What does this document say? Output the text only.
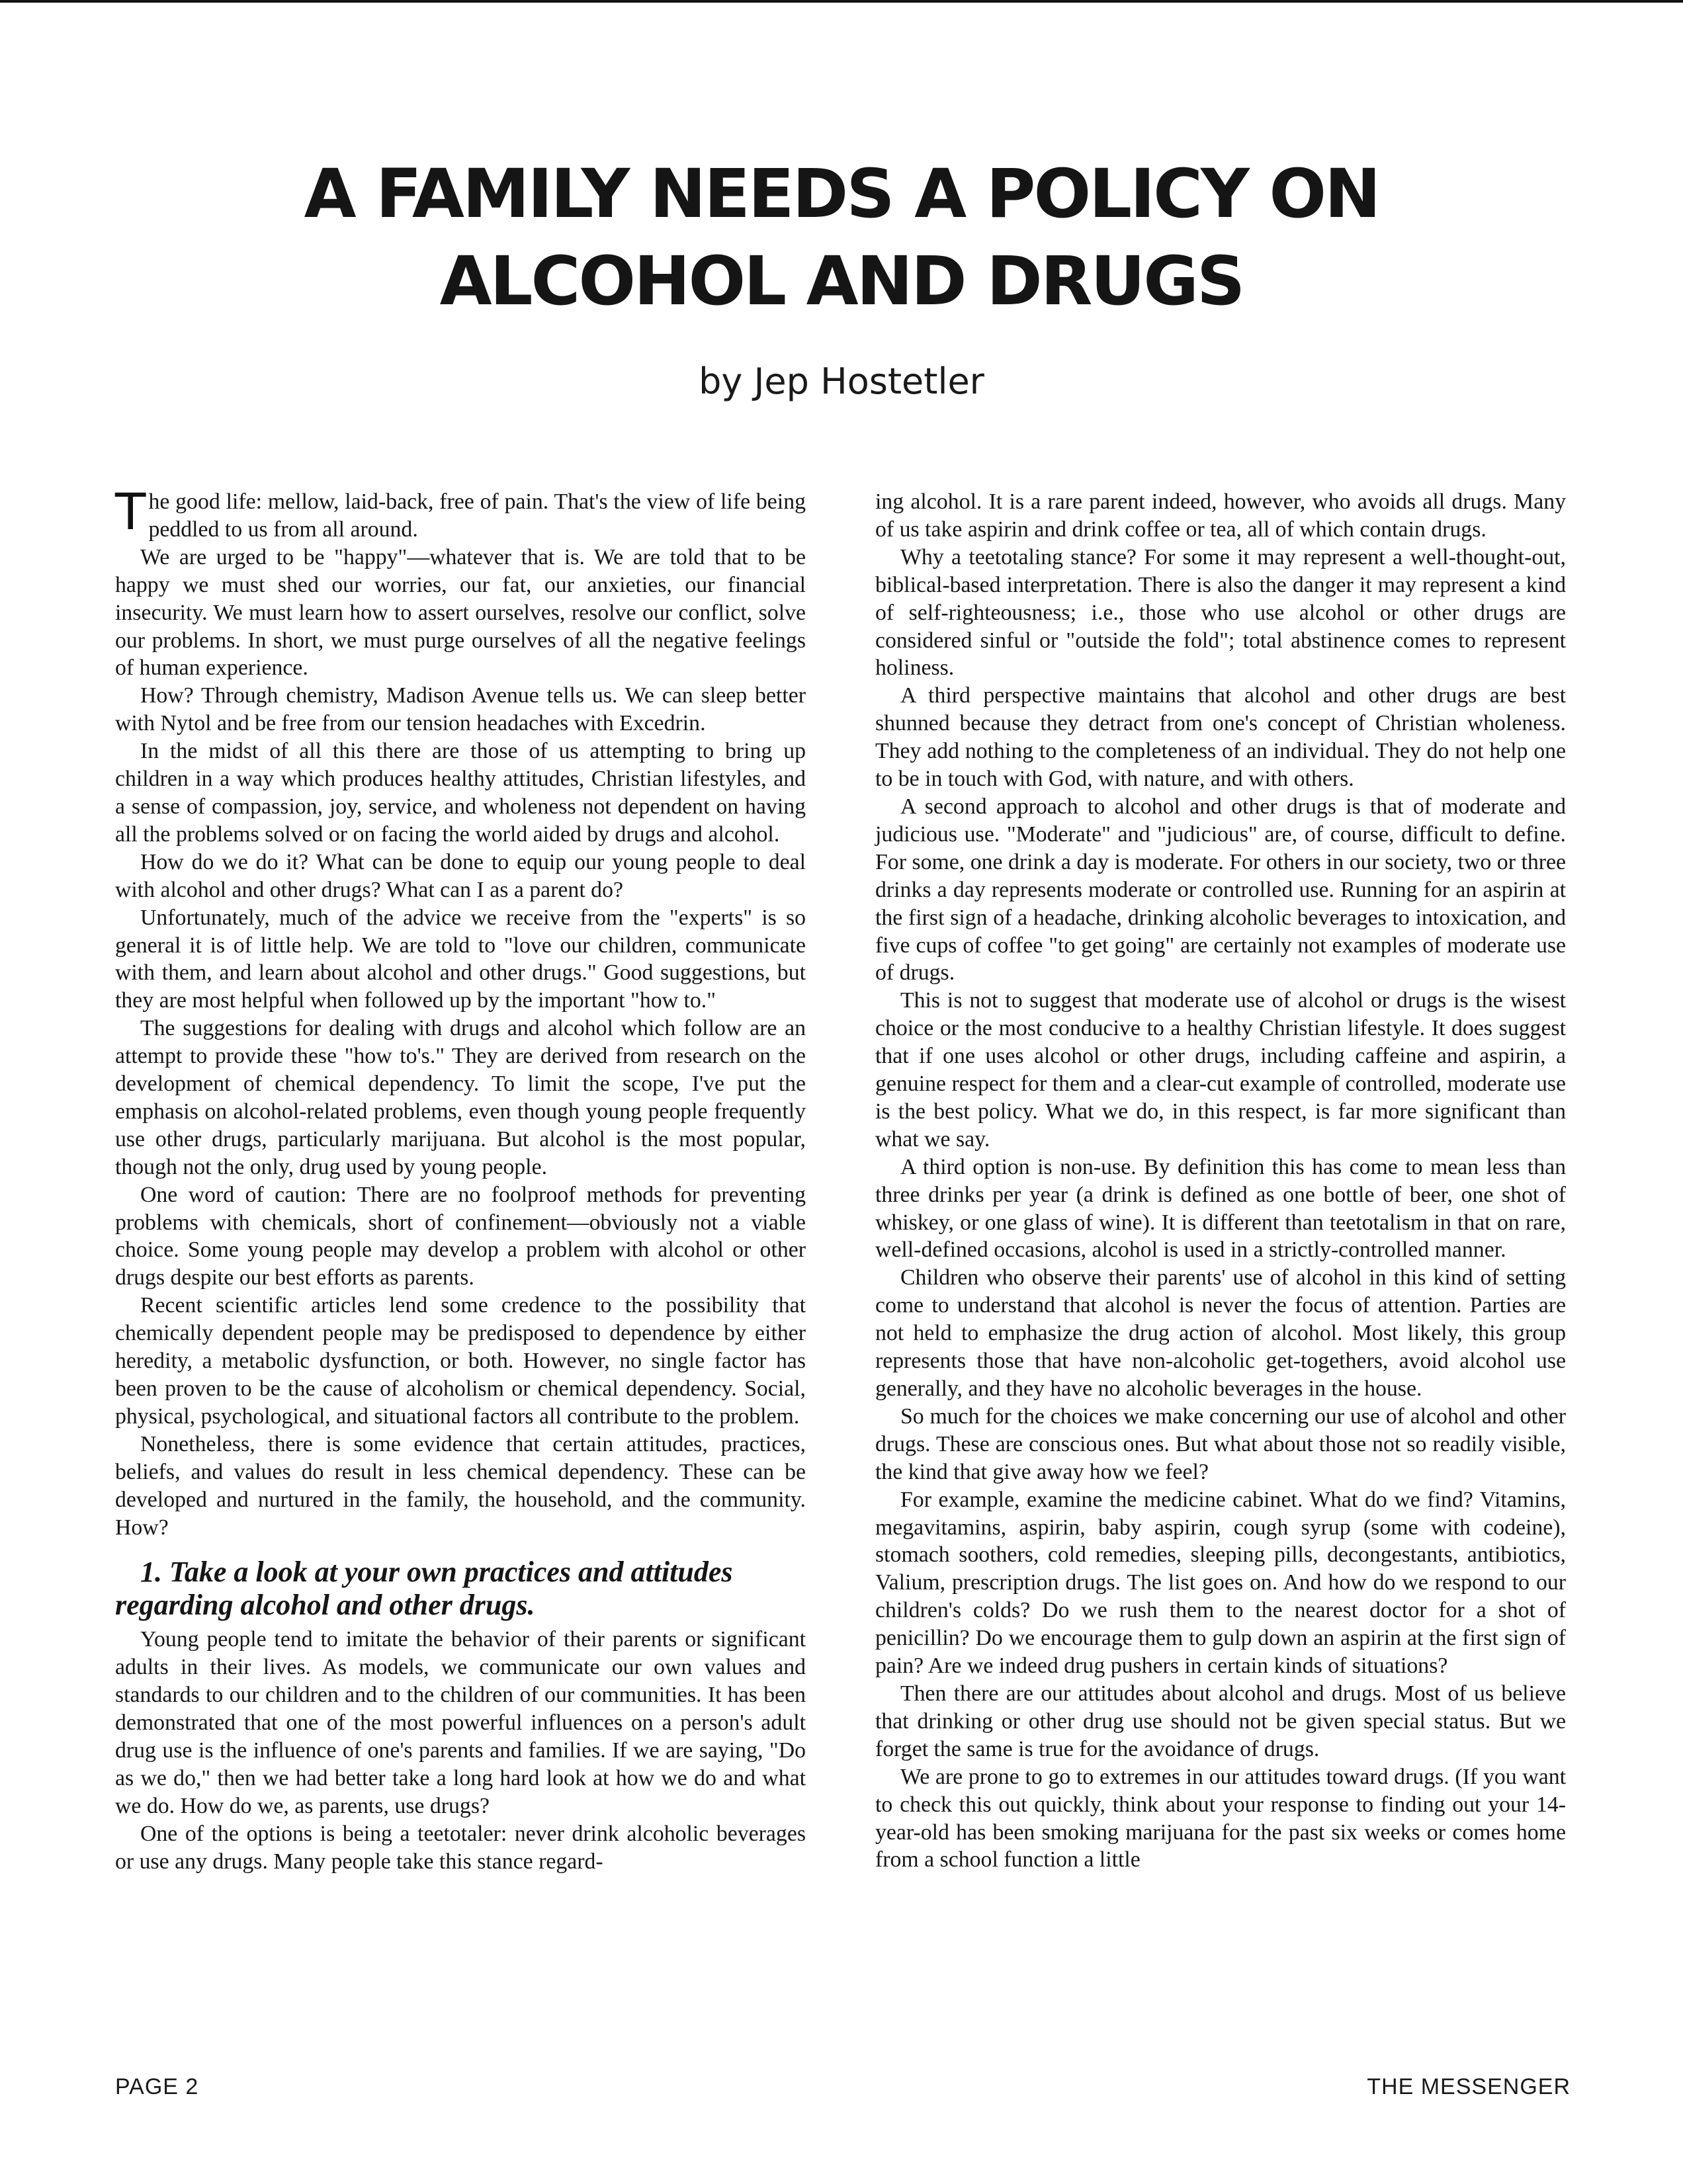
A FAMILY NEEDS A POLICY ON
ALCOHOL AND DRUGS
by Jep Hostetler

The good life: mellow, laid-back, free of pain. That's the view of life being peddled to us from all around.

We are urged to be "happy"—whatever that is. We are told that to be happy we must shed our worries, our fat, our anxieties, our financial insecurity. We must learn how to assert ourselves, resolve our conflict, solve our problems. In short, we must purge ourselves of all the negative feelings of human experience.

How? Through chemistry, Madison Avenue tells us. We can sleep better with Nytol and be free from our tension headaches with Excedrin.

In the midst of all this there are those of us attempting to bring up children in a way which produces healthy attitudes, Christian lifestyles, and a sense of compassion, joy, service, and wholeness not dependent on having all the problems solved or on facing the world aided by drugs and alcohol.

How do we do it? What can be done to equip our young people to deal with alcohol and other drugs? What can I as a parent do?

Unfortunately, much of the advice we receive from the "experts" is so general it is of little help. We are told to "love our children, communicate with them, and learn about alcohol and other drugs." Good suggestions, but they are most helpful when followed up by the important "how to."

The suggestions for dealing with drugs and alcohol which follow are an attempt to provide these "how to's." They are derived from research on the development of chemical dependency. To limit the scope, I've put the emphasis on alcohol-related problems, even though young people frequently use other drugs, particularly marijuana. But alcohol is the most popular, though not the only, drug used by young people.

One word of caution: There are no foolproof methods for preventing problems with chemicals, short of confinement—obviously not a viable choice. Some young people may develop a problem with alcohol or other drugs despite our best efforts as parents.

Recent scientific articles lend some credence to the possibility that chemically dependent people may be predisposed to dependence by either heredity, a metabolic dysfunction, or both. However, no single factor has been proven to be the cause of alcoholism or chemical dependency. Social, physical, psychological, and situational factors all contribute to the problem.

Nonetheless, there is some evidence that certain attitudes, practices, beliefs, and values do result in less chemical dependency. These can be developed and nurtured in the family, the household, and the community. How?

1. Take a look at your own practices and attitudes regarding alcohol and other drugs.

Young people tend to imitate the behavior of their parents or significant adults in their lives. As models, we communicate our own values and standards to our children and to the children of our communities. It has been demonstrated that one of the most powerful influences on a person's adult drug use is the influence of one's parents and families. If we are saying, "Do as we do," then we had better take a long hard look at how we do and what we do. How do we, as parents, use drugs?

One of the options is being a teetotaler: never drink alcoholic beverages or use any drugs. Many people take this stance regard-

ing alcohol. It is a rare parent indeed, however, who avoids all drugs. Many of us take aspirin and drink coffee or tea, all of which contain drugs.

Why a teetotaling stance? For some it may represent a well-thought-out, biblical-based interpretation. There is also the danger it may represent a kind of self-righteousness; i.e., those who use alcohol or other drugs are considered sinful or "outside the fold"; total abstinence comes to represent holiness.

A third perspective maintains that alcohol and other drugs are best shunned because they detract from one's concept of Christian wholeness. They add nothing to the completeness of an individual. They do not help one to be in touch with God, with nature, and with others.

A second approach to alcohol and other drugs is that of moderate and judicious use. "Moderate" and "judicious" are, of course, difficult to define. For some, one drink a day is moderate. For others in our society, two or three drinks a day represents moderate or controlled use. Running for an aspirin at the first sign of a headache, drinking alcoholic beverages to intoxication, and five cups of coffee "to get going" are certainly not examples of moderate use of drugs.

This is not to suggest that moderate use of alcohol or drugs is the wisest choice or the most conducive to a healthy Christian lifestyle. It does suggest that if one uses alcohol or other drugs, including caffeine and aspirin, a genuine respect for them and a clear-cut example of controlled, moderate use is the best policy. What we do, in this respect, is far more significant than what we say.

A third option is non-use. By definition this has come to mean less than three drinks per year (a drink is defined as one bottle of beer, one shot of whiskey, or one glass of wine). It is different than teetotalism in that on rare, well-defined occasions, alcohol is used in a strictly-controlled manner.

Children who observe their parents' use of alcohol in this kind of setting come to understand that alcohol is never the focus of attention. Parties are not held to emphasize the drug action of alcohol. Most likely, this group represents those that have non-alcoholic get-togethers, avoid alcohol use generally, and they have no alcoholic beverages in the house.

So much for the choices we make concerning our use of alcohol and other drugs. These are conscious ones. But what about those not so readily visible, the kind that give away how we feel?

For example, examine the medicine cabinet. What do we find? Vitamins, megavitamins, aspirin, baby aspirin, cough syrup (some with codeine), stomach soothers, cold remedies, sleeping pills, decongestants, antibiotics, Valium, prescription drugs. The list goes on. And how do we respond to our children's colds? Do we rush them to the nearest doctor for a shot of penicillin? Do we encourage them to gulp down an aspirin at the first sign of pain? Are we indeed drug pushers in certain kinds of situations?

Then there are our attitudes about alcohol and drugs. Most of us believe that drinking or other drug use should not be given special status. But we forget the same is true for the avoidance of drugs.

We are prone to go to extremes in our attitudes toward drugs. (If you want to check this out quickly, think about your response to finding out your 14-year-old has been smoking marijuana for the past six weeks or comes home from a school function a little

PAGE 2	THE MESSENGER
